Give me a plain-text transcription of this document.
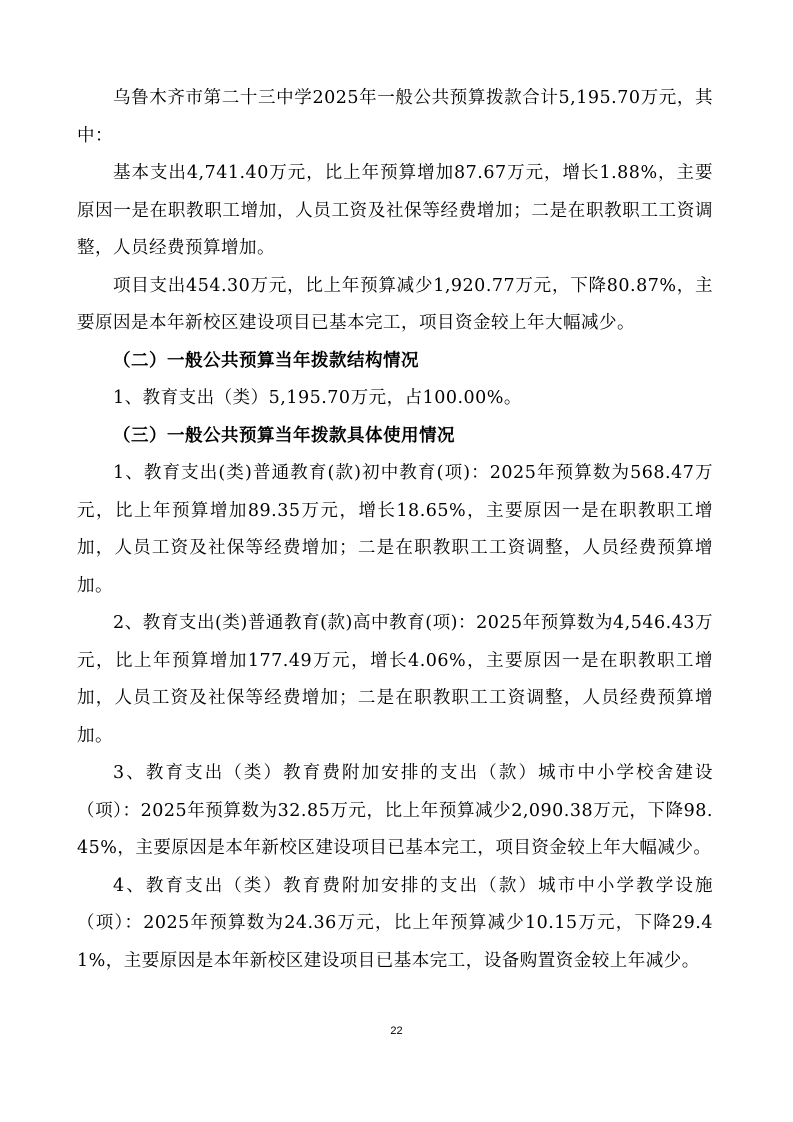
乌鲁木齐市第二十三中学2025年一般公共预算拨款合计5,195.70万元，其中：

基本支出4,741.40万元，比上年预算增加87.67万元，增长1.88%，主要原因一是在职教职工增加，人员工资及社保等经费增加；二是在职教职工工资调整，人员经费预算增加。

项目支出454.30万元，比上年预算减少1,920.77万元，下降80.87%，主要原因是本年新校区建设项目已基本完工，项目资金较上年大幅减少。

（二）一般公共预算当年拨款结构情况

1、教育支出（类）5,195.70万元，占100.00%。

（三）一般公共预算当年拨款具体使用情况

1、教育支出(类)普通教育(款)初中教育(项)：2025年预算数为568.47万元，比上年预算增加89.35万元，增长18.65%，主要原因一是在职教职工增加，人员工资及社保等经费增加；二是在职教职工工资调整，人员经费预算增加。

2、教育支出(类)普通教育(款)高中教育(项)：2025年预算数为4,546.43万元，比上年预算增加177.49万元，增长4.06%，主要原因一是在职教职工增加，人员工资及社保等经费增加；二是在职教职工工资调整，人员经费预算增加。

3、教育支出（类）教育费附加安排的支出（款）城市中小学校舍建设（项）：2025年预算数为32.85万元，比上年预算减少2,090.38万元，下降98.45%，主要原因是本年新校区建设项目已基本完工，项目资金较上年大幅减少。

4、教育支出（类）教育费附加安排的支出（款）城市中小学教学设施（项）：2025年预算数为24.36万元，比上年预算减少10.15万元，下降29.41%，主要原因是本年新校区建设项目已基本完工，设备购置资金较上年减少。

22
